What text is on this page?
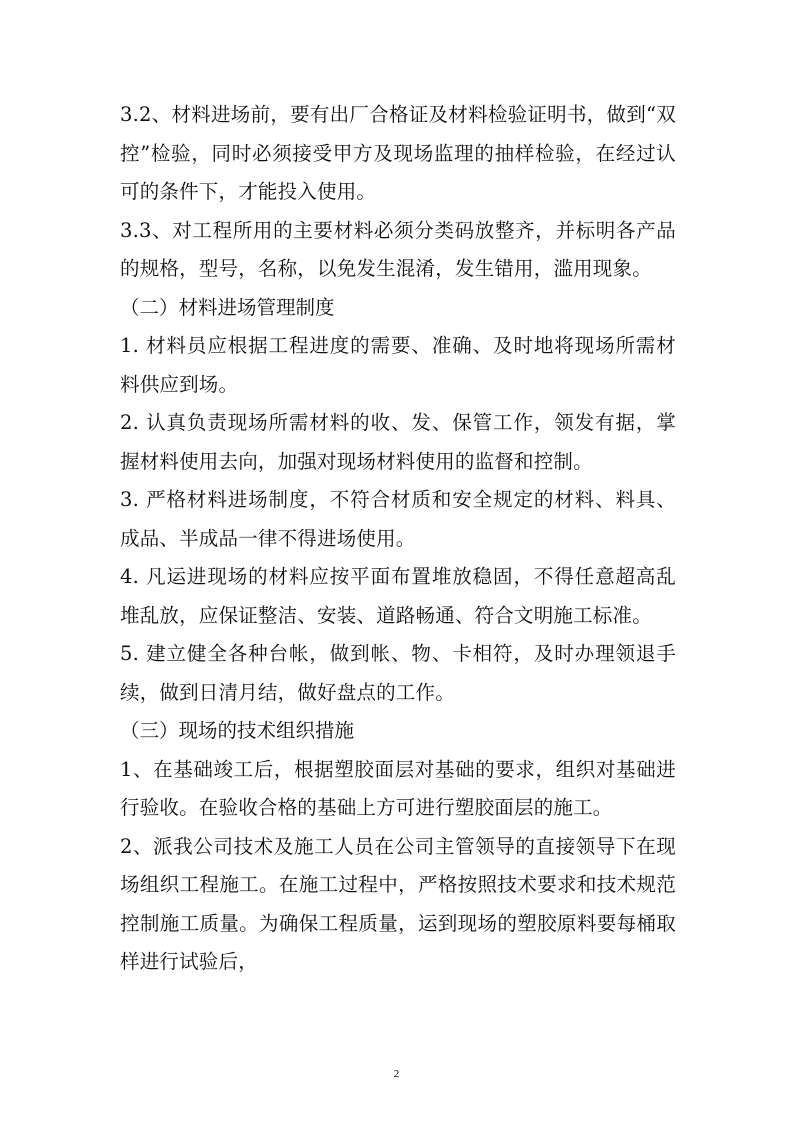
3.2、材料进场前，要有出厂合格证及材料检验证明书，做到“双控”检验，同时必须接受甲方及现场监理的抽样检验，在经过认可的条件下，才能投入使用。

3.3、对工程所用的主要材料必须分类码放整齐，并标明各产品的规格，型号，名称，以免发生混淆，发生错用，滥用现象。

（二）材料进场管理制度

1. 材料员应根据工程进度的需要、准确、及时地将现场所需材料供应到场。

2. 认真负责现场所需材料的收、发、保管工作，领发有据，掌握材料使用去向，加强对现场材料使用的监督和控制。

3. 严格材料进场制度，不符合材质和安全规定的材料、料具、成品、半成品一律不得进场使用。

4. 凡运进现场的材料应按平面布置堆放稳固，不得任意超高乱堆乱放，应保证整洁、安装、道路畅通、符合文明施工标准。

5. 建立健全各种台帐，做到帐、物、卡相符，及时办理领退手续，做到日清月结，做好盘点的工作。

（三）现场的技术组织措施

1、在基础竣工后，根据塑胶面层对基础的要求，组织对基础进行验收。在验收合格的基础上方可进行塑胶面层的施工。

2、派我公司技术及施工人员在公司主管领导的直接领导下在现场组织工程施工。在施工过程中，严格按照技术要求和技术规范控制施工质量。为确保工程质量，运到现场的塑胶原料要每桶取样进行试验后，

2
